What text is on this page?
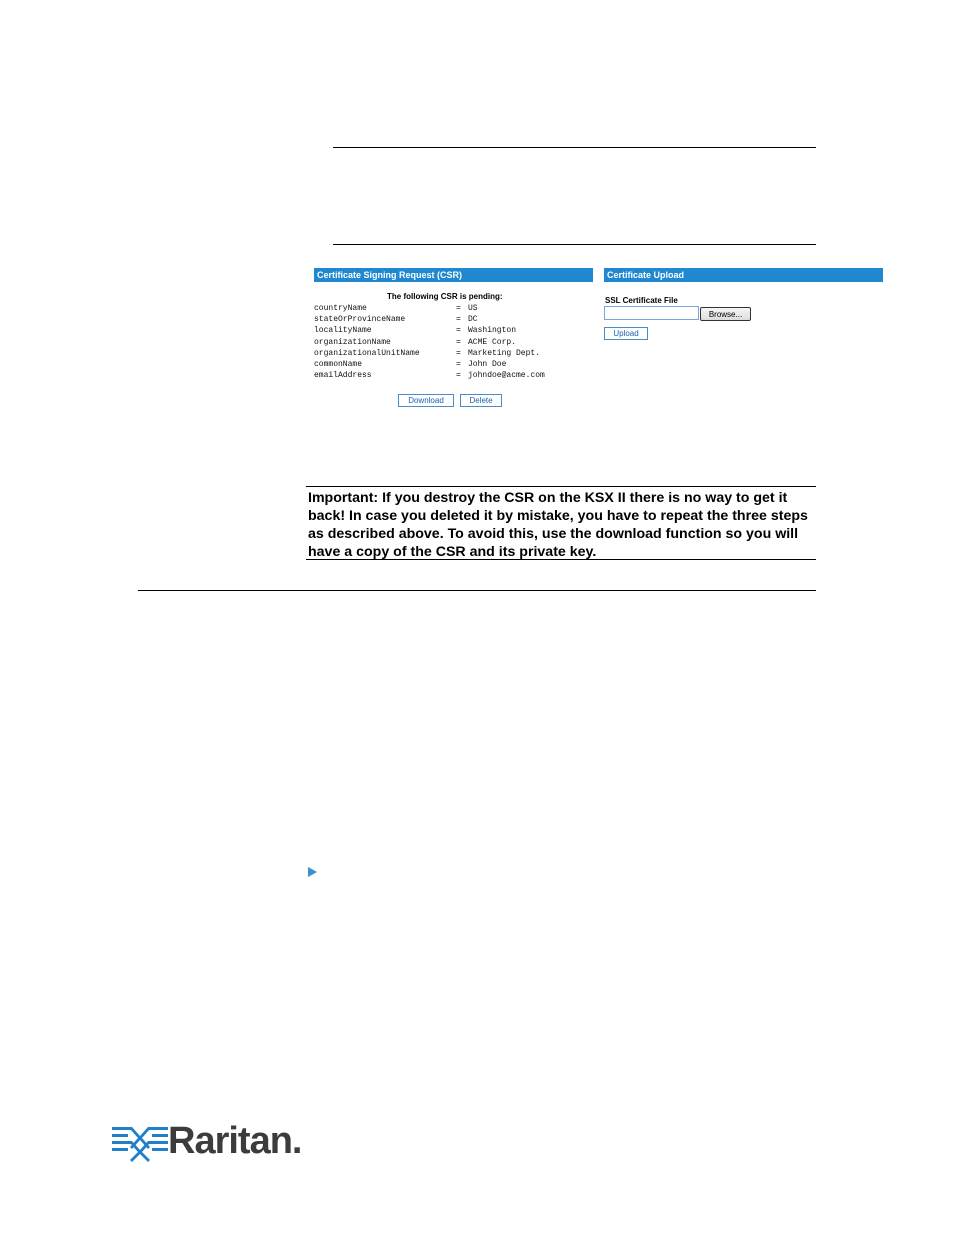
Certificate Signing Request (CSR)
The following CSR is pending:
countryName	= US
stateOrProvinceName	= DC
localityName	= Washington
organizationName	= ACME Corp.
organizationalUnitName	= Marketing Dept.
commonName	= John Doe
emailAddress	= johndoe@acme.com
Download	Delete
Certificate Upload
SSL Certificate File
Browse...
Upload
Important: If you destroy the CSR on the KSX II there is no way to get it back! In case you deleted it by mistake, you have to repeat the three steps as described above. To avoid this, use the download function so you will have a copy of the CSR and its private key.
Raritan.
